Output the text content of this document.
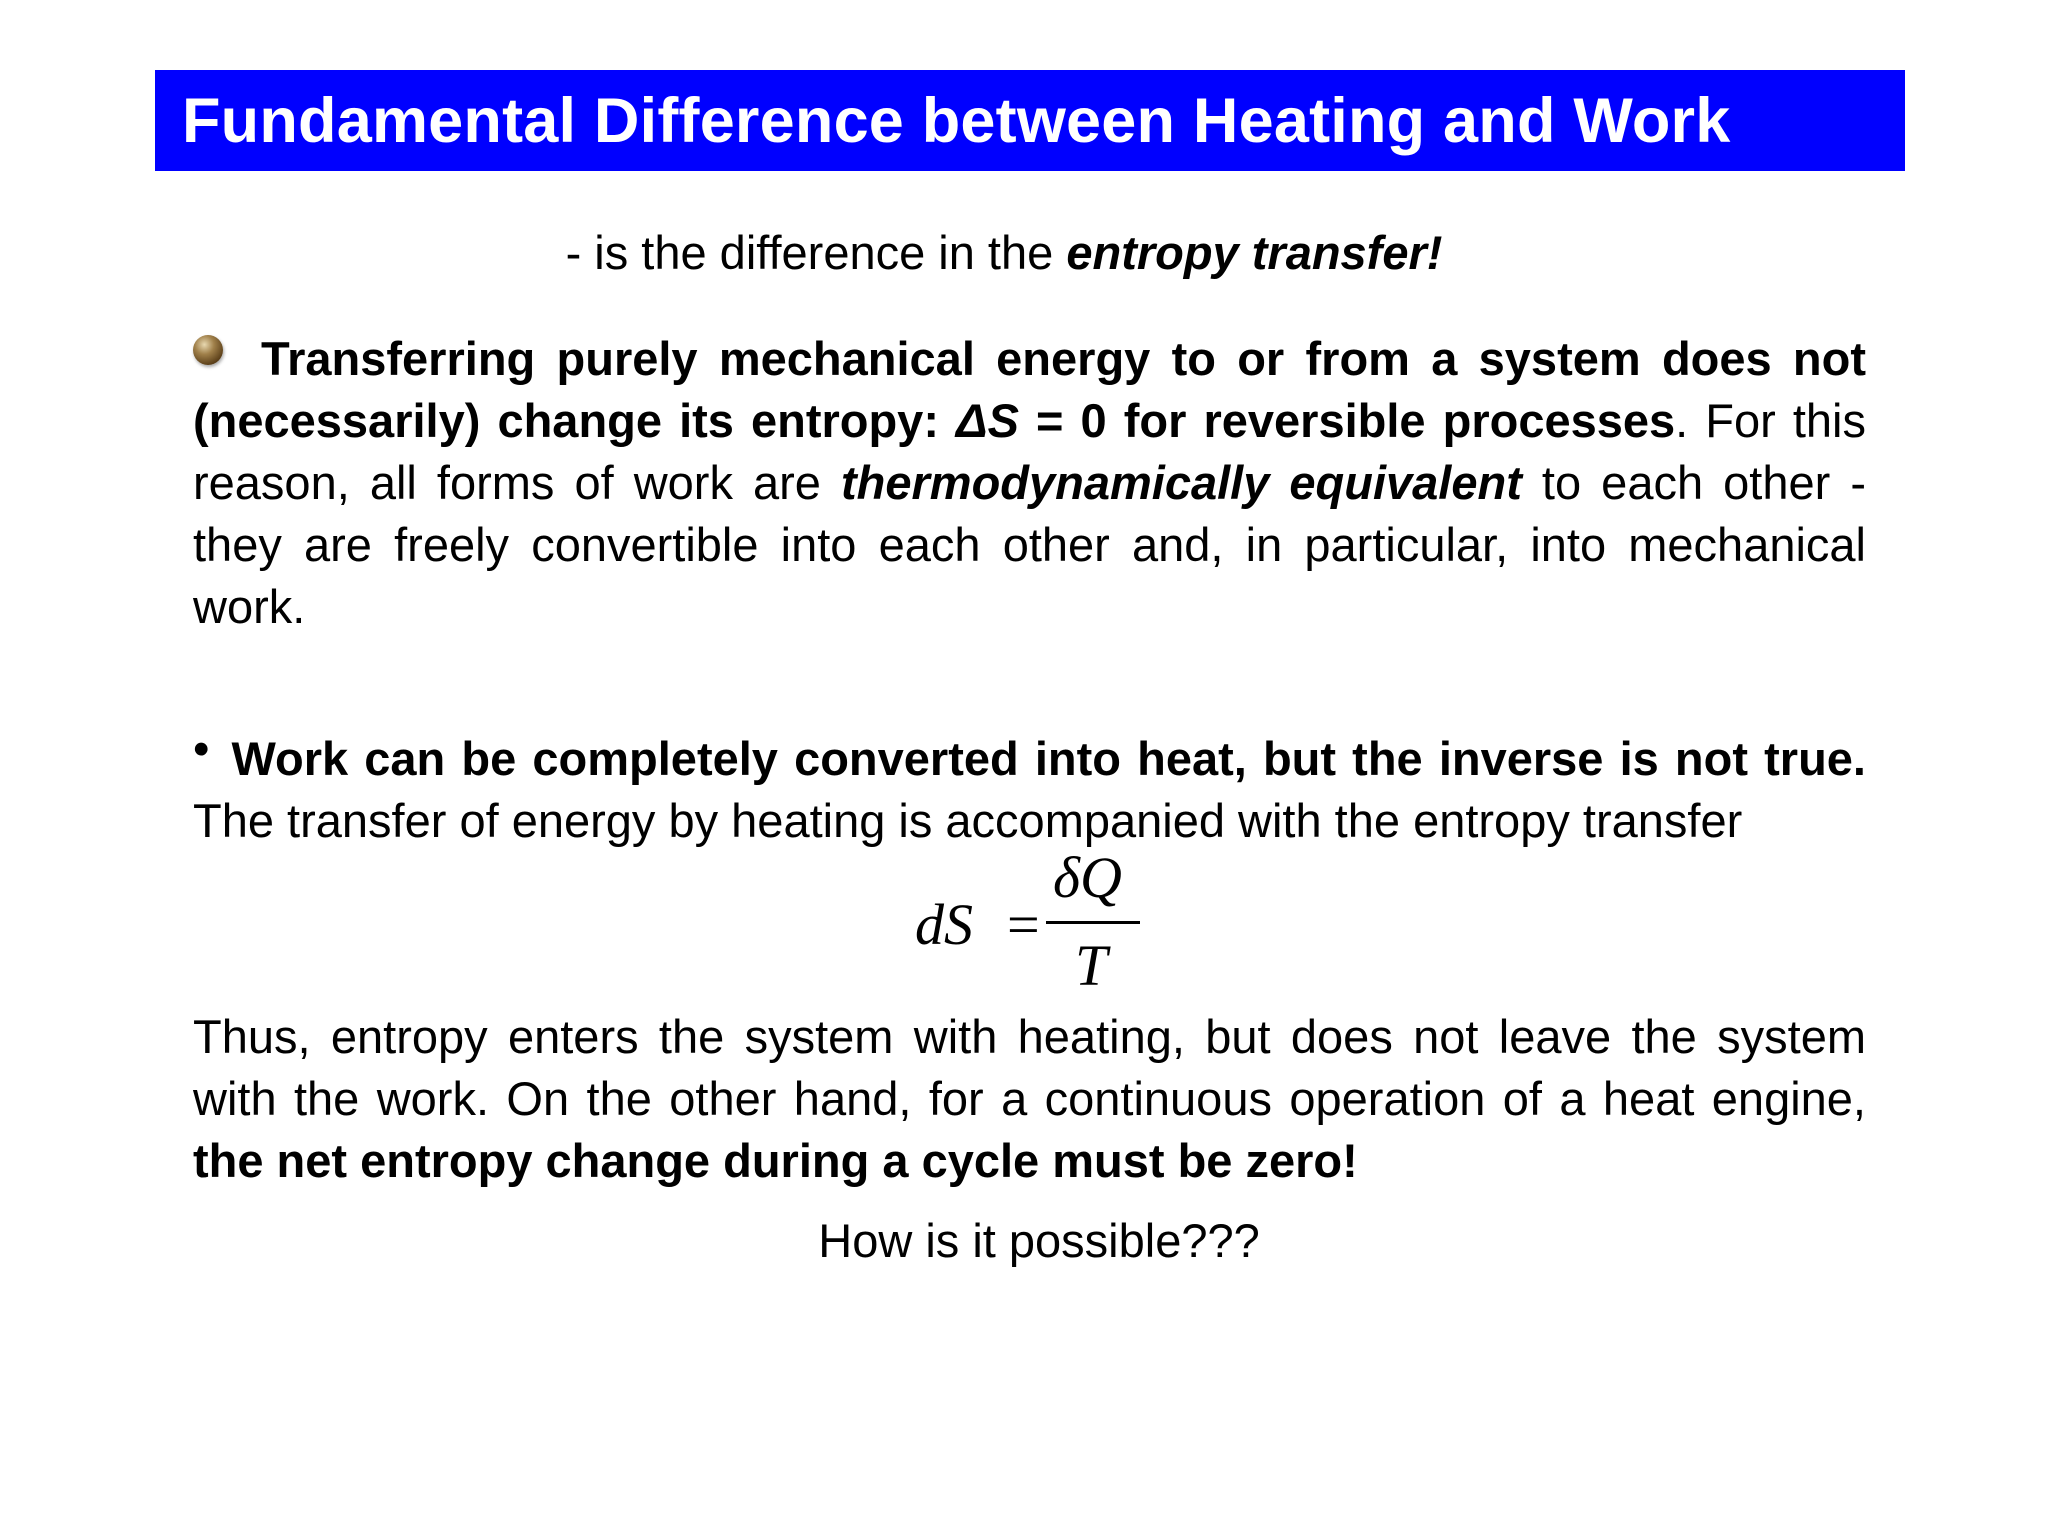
Fundamental Difference between Heating and Work
- is the difference in the entropy transfer!
Transferring purely mechanical energy to or from a system does not (necessarily) change its entropy: ΔS = 0 for reversible processes. For this reason, all forms of work are thermodynamically equivalent to each other - they are freely convertible into each other and, in particular, into mechanical work.
• Work can be completely converted into heat, but the inverse is not true. The transfer of energy by heating is accompanied with the entropy transfer
dS =
δQ
T
Thus, entropy enters the system with heating, but does not leave the system with the work. On the other hand, for a continuous operation of a heat engine, the net entropy change during a cycle must be zero!
How is it possible???
